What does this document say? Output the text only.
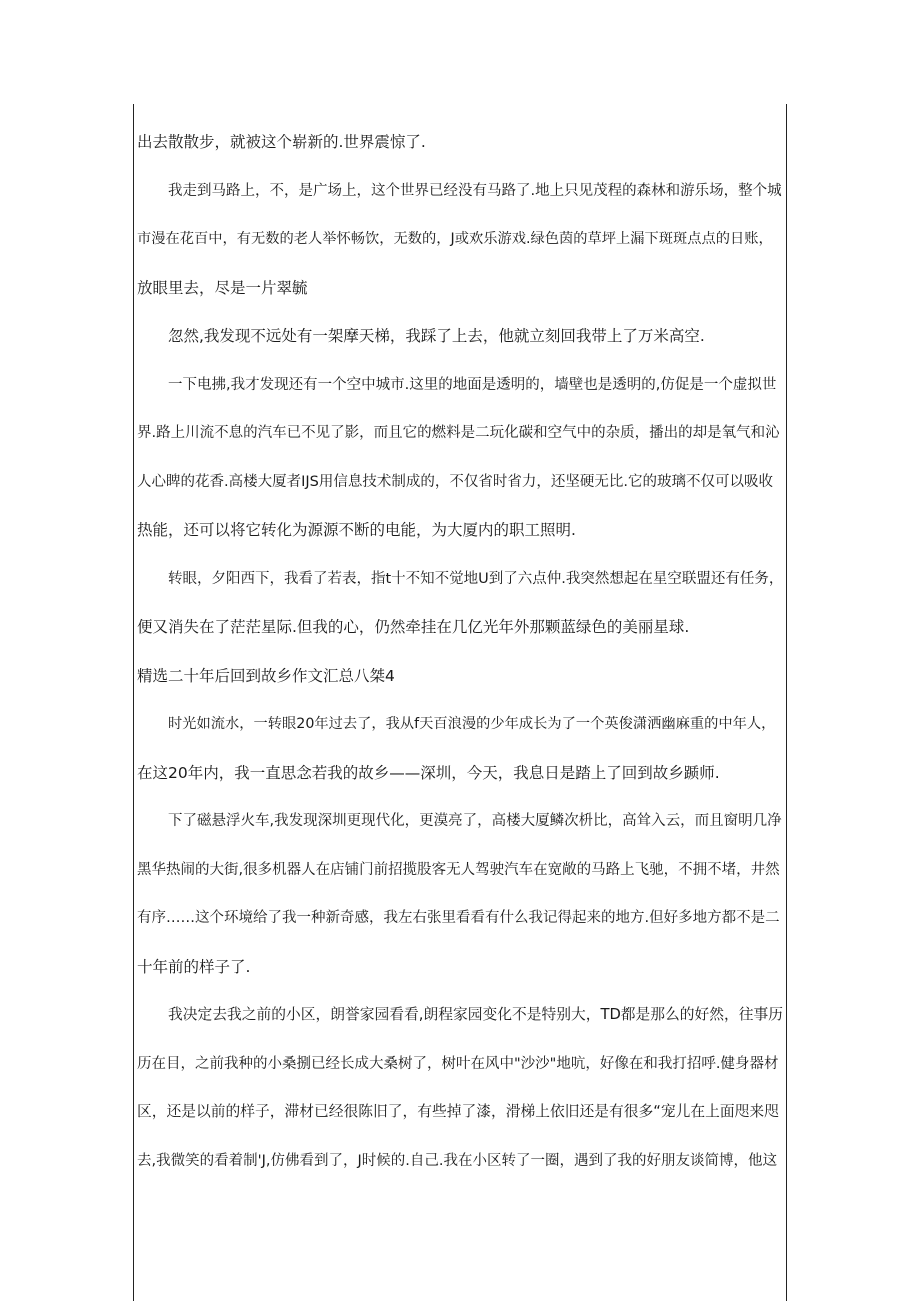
出去散散步，就被这个崭新的.世界震惊了.
我走到马路上，不，是广场上，这个世界已经没有马路了.地上只见茂程的森林和游乐场，整个城
市漫在花百中，有无数的老人举怀畅饮，无数的，J或欢乐游戏.绿色茵的草坪上漏下斑斑点点的日账，
放眼里去，尽是一片翠毓
忽然,我发现不远处有一架摩天梯，我踩了上去，他就立刻回我带上了万米高空.
一下电拂,我才发现还有一个空中城市.这里的地面是透明的，墙壁也是透明的,仿促是一个虚拟世
界.路上川流不息的汽车已不见了影，而且它的燃料是二玩化碳和空气中的杂质，播出的却是氧气和沁
人心睥的花香.高楼大厦者IJS用信息技术制成的，不仅省时省力，还坚硬无比.它的玻璃不仅可以吸收
热能，还可以将它转化为源源不断的电能，为大厦内的职工照明.
转眼，夕阳西下，我看了若表，指t十不知不觉地U到了六点仲.我突然想起在星空联盟还有任务，
便又消失在了茫茫星际.但我的心，仍然牵挂在几亿光年外那颗蓝绿色的美丽星球.
精选二十年后回到故乡作文汇总八桀4
时光如流水，一转眼20年过去了，我从f天百浪漫的少年成长为了一个英俊潇洒幽麻重的中年人，
在这20年内，我一直思念若我的故乡——深圳，今天，我息日是踏上了回到故乡踬师.
下了磁悬浮火车,我发现深圳更现代化，更漠亮了，高楼大厦鳞次枡比，高耸入云，而且窗明几净
黑华热闹的大街,很多机器人在店铺门前招揽股客无人驾驶汽车在宽敞的马路上飞驰，不拥不堵，井然
有序……这个环境给了我一种新奇感，我左右张里看看有什么我记得起来的地方.但好多地方都不是二
十年前的样子了.
我决定去我之前的小区，朗誉家园看看,朗程家园变化不是特别大，TD都是那么的好然，往事历
历在目，之前我种的小桑捌已经长成大桑树了，树叶在风中"沙沙"地吭，好像在和我打招呼.健身器材
区，还是以前的样子，滞材已经很陈旧了，有些掉了漆，滑梯上依旧还是有很多“宠儿在上面咫来咫
去,我微笑的看着制'J,仿佛看到了，J时候的.自己.我在小区转了一圈，遇到了我的好朋友谈简博，他这
